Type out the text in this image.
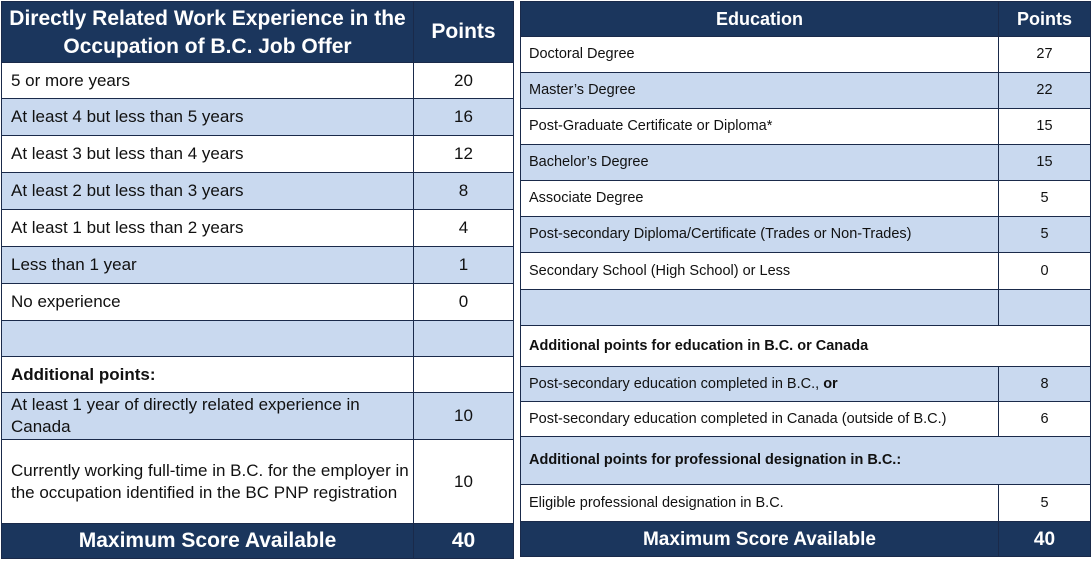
Directly Related Work Experience in the Occupation of B.C. Job Offer	Points
5 or more years	20
At least 4 but less than 5 years	16
At least 3 but less than 4 years	12
At least 2 but less than 3 years	8
At least 1 but less than 2 years	4
Less than 1 year	1
No experience	0

Additional points:	
At least 1 year of directly related experience in Canada	10
Currently working full-time in B.C. for the employer in the occupation identified in the BC PNP registration	10
Maximum Score Available	40
Education	Points
Doctoral Degree	27
Master’s Degree	22
Post-Graduate Certificate or Diploma*	15
Bachelor’s Degree	15
Associate Degree	5
Post-secondary Diploma/Certificate (Trades or Non-Trades)	5
Secondary School (High School) or Less	0

Additional points for education in B.C. or Canada	
Post-secondary education completed in B.C., or	8
Post-secondary education completed in Canada (outside of B.C.)	6
Additional points for professional designation in B.C.:	
Eligible professional designation in B.C.	5
Maximum Score Available	40
